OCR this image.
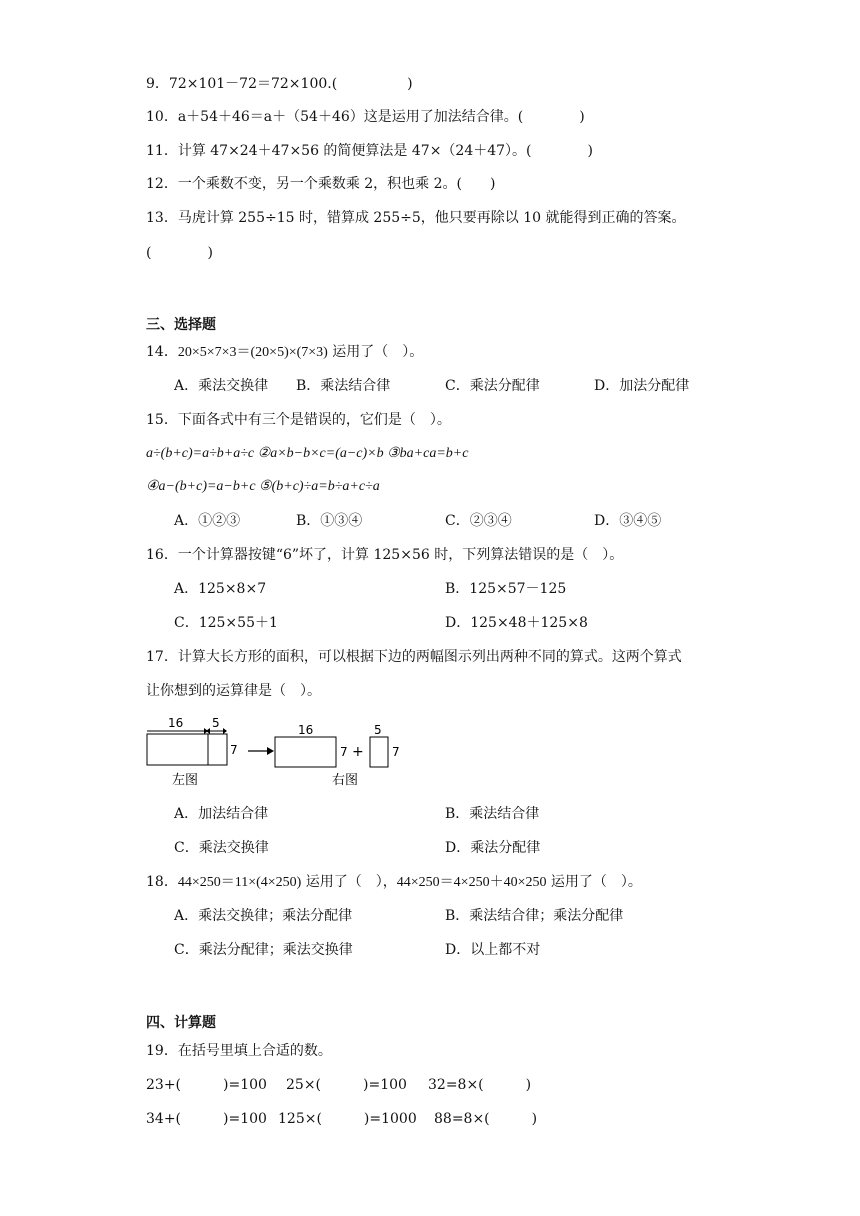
9．72×101－72＝72×100.(　　　　　)
10．a＋54＋46＝a＋（54＋46）这是运用了加法结合律。(　　　　)
11．计算 47×24＋47×56 的简便算法是 47×（24＋47）。(　　　　)
12．一个乘数不变，另一个乘数乘 2，积也乘 2。(　　)
13．马虎计算 255÷15 时，错算成 255÷5，他只要再除以 10 就能得到正确的答案。
(　　　　)
三、选择题
14．20×5×7×3＝(20×5)×(7×3) 运用了（　）。
A．乘法交换律 B．乘法结合律	C．乘法分配律	D．加法分配律
15．下面各式中有三个是错误的，它们是（　）。
a÷(b+c)=a÷b+a÷c ②a×b−b×c=(a−c)×b ③ba+ca=b+c
④a−(b+c)=a−b+c ⑤(b+c)÷a=b÷a+c÷a
A．①②③	B．①③④	C．②③④	D．③④⑤
16．一个计算器按键“6”坏了，计算 125×56 时，下列算法错误的是（　）。
A．125×8×7	B．125×57－125
C．125×55＋1	D．125×48＋125×8
17．计算大长方形的面积，可以根据下边的两幅图示列出两种不同的算式。这两个算式
让你想到的运算律是（　）。
16 5
7
左图
16
7 +
5
7
右图
A．加法结合律	B．乘法结合律
C．乘法交换律	D．乘法分配律
18．44×250＝11×(4×250) 运用了（　），44×250＝4×250＋40×250 运用了（　）。
A．乘法交换律；乘法分配律	B．乘法结合律；乘法分配律
C．乘法分配律；乘法交换律	D．以上都不对
四、计算题
19．在括号里填上合适的数。
23+(　　　)=100 25×(　　　)=100 32=8×(　　　)
34+(　　　)=100 125×(　　　)=1000 88=8×(　　　)
